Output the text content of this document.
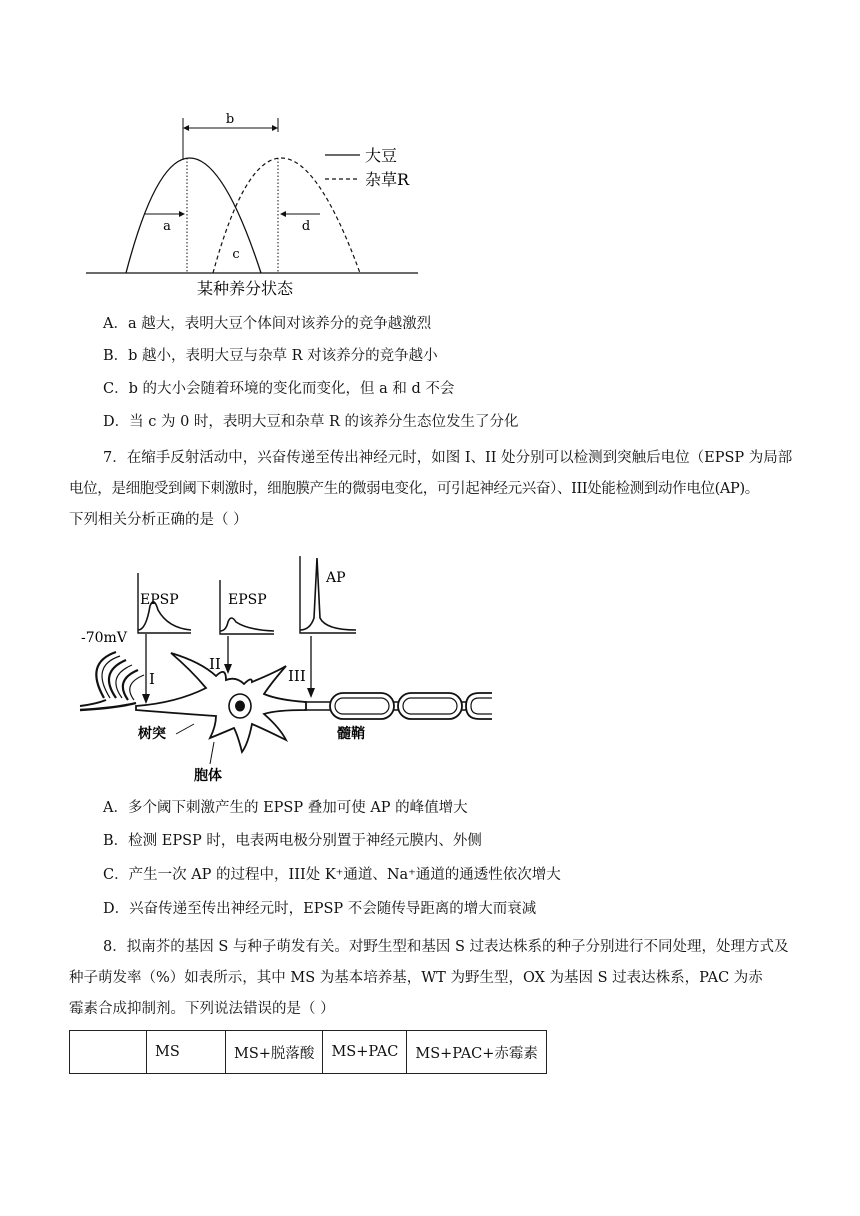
b
a	d
c
大豆
杂草R
某种养分状态
A．a 越大，表明大豆个体间对该养分的竞争越激烈
B．b 越小，表明大豆与杂草 R 对该养分的竞争越小
C．b 的大小会随着环境的变化而变化，但 a 和 d 不会
D．当 c 为 0 时，表明大豆和杂草 R 的该养分生态位发生了分化
7．在缩手反射活动中，兴奋传递至传出神经元时，如图 I、II 处分别可以检测到突触后电位（EPSP 为局部
电位，是细胞受到阈下刺激时，细胞膜产生的微弱电变化，可引起神经元兴奋）、III处能检测到动作电位(AP)。
下列相关分析正确的是（ ）
EPSP	EPSP
AP
-70mV
I
II
III
树突
胞体
髓鞘
A．多个阈下刺激产生的 EPSP 叠加可使 AP 的峰值增大
B．检测 EPSP 时，电表两电极分别置于神经元膜内、外侧
C．产生一次 AP 的过程中，III处 K⁺通道、Na⁺通道的通透性依次增大
D．兴奋传递至传出神经元时，EPSP 不会随传导距离的增大而衰减
8．拟南芥的基因 S 与种子萌发有关。对野生型和基因 S 过表达株系的种子分别进行不同处理，处理方式及
种子萌发率（%）如表所示，其中 MS 为基本培养基，WT 为野生型，OX 为基因 S 过表达株系，PAC 为赤
霉素合成抑制剂。下列说法错误的是（ ）
	MS	MS+脱落酸	MS+PAC	MS+PAC+赤霉素
